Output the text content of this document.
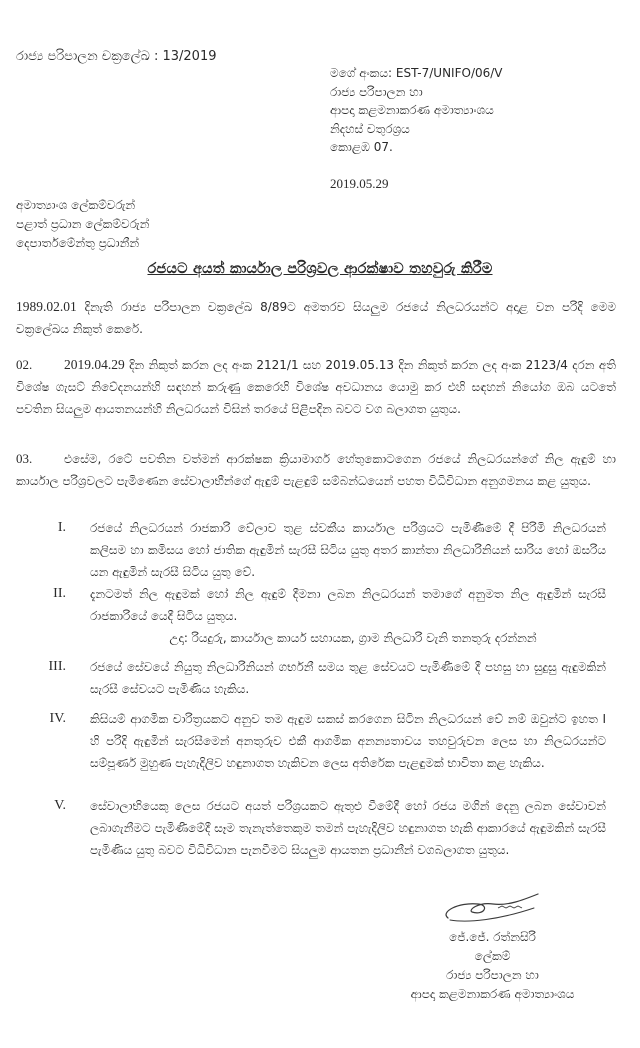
රාජ්‍ය පරිපාලන චක්‍රලේඛ : 13/2019
මගේ අංකය: EST-7/UNIFO/06/V
රාජ්‍ය පරිපාලන හා
ආපදා කළමනාකරණ අමාත්‍යාංශය
නිදහස් චතුරශ්‍රය
කොළඹ 07.
2019.05.29
අමාත්‍යාංශ ලේකම්වරුන්
පළාත් ප්‍රධාන ලේකම්වරුන්
දෙපාර්තමේන්තු ප්‍රධානීන්
රජයට අයත් කාර්යාල පරිශ්‍රවල ආරක්ෂාව තහවුරු කිරීම
1989.02.01 දිනැති රාජ්‍ය පරිපාලන චක්‍රලේඛ 8/89ට අමතරව සියලුම රජයේ නිලධරයන්ට අදාළ වන පරිදි මෙම චක්‍රලේඛය නිකුත් කෙරේ.
02. 2019.04.29 දින නිකුත් කරන ලද අංක 2121/1 සහ 2019.05.13 දින නිකුත් කරන ලද අංක 2123/4 දරන අති විශේෂ ගැසට් නිවේදනයන්හි සඳහන් කරුණු කෙරෙහි විශේෂ අවධානය යොමු කර එහි සඳහන් නියෝග ඔබ යටතේ පවතින සියලුම ආයතනයන්හි නිලධරයන් විසින් තරයේ පිළිපදින බවට වග බලාගත යුතුය.
03.	එසේම, රටේ පවතින වත්මන් ආරක්ෂක ක්‍රියාමාර්ග හේතුකොටගෙන රජයේ නිලධරයන්ගේ නිල ඇඳුම් හා කාර්යාල පරිශ්‍රවලට පැමිණෙන සේවාලාභීන්ගේ ඇඳුම් පැළඳුම් සම්බන්ධයෙන් පහත විධිවිධාන අනුගමනය කළ යුතුය.
I. රජයේ නිලධරයන් රාජකාරි වේලාව තුළ ස්වකීය කාර්යාල පරිශ්‍රයට පැමිණීමේ දී පිරිමි නිලධරයන් කලිසම හා කමිසය හෝ ජාතික ඇඳුමින් සැරසී සිටිය යුතු අතර කාන්තා නිලධාරිනියන් සාරිය හෝ ඔසරිය යන ඇඳුමින් සැරසී සිටිය යුතු වේ.
II. දැනටමත් නිල ඇඳුමක් හෝ නිල ඇඳුම් දීමනා ලබන නිලධරයන් තමාගේ අනුමත නිල ඇඳුමින් සැරසී රාජකාරියේ යෙදී සිටිය යුතුය.
උදා: රියදුරු, කාර්යාල කාර්ය සහායක, ග්‍රාම නිලධාරි වැනි තනතුරු දරන්නන්
III. රජයේ සේවයේ නියුතු නිලධාරිනියන් ගර්භනී සමය තුළ සේවයට පැමිණීමේ දී පහසු හා සුදුසු ඇඳුමකින් සැරසී සේවයට පැමිණිය හැකිය.
IV. කිසියම් ආගමික චාරිත්‍රයකට අනුව තම ඇඳුම සකස් කරගෙන සිටින නිලධරයන් වේ නම් ඔවුන්ට ඉහත I හි පරිදි ඇඳුමින් සැරසීමෙන් අනතුරුව එකී ආගමික අනන්‍යතාවය තහවුරුවන ලෙස හා නිලධරයන්ට සම්පූර්ණ මුහුණ පැහැදිලිව හඳුනාගත හැකිවන ලෙස අතිරේක පැළඳුමක් භාවිතා කළ හැකිය.
V. සේවාලාභියෙකු ලෙස රජයට අයත් පරිශ්‍රයකට ඇතුළු වීමේදී හෝ රජය මගින් දෙනු ලබන සේවාවන් ලබාගැනීමට පැමිණීමේදී සෑම තැනැත්තෙකුම තමන් පැහැදිලිව හඳුනාගත හැකි ආකාරයේ ඇඳුමකින් සැරසී පැමිණිය යුතු බවට විධිවිධාන පැනවීමට සියලුම ආයතන ප්‍රධානීන් වගබලාගත යුතුය.
ජේ.ජේ. රත්නසිරි
ලේකම්
රාජ්‍ය පරිපාලන හා
ආපදා කළමනාකරණ අමාත්‍යාංශය
